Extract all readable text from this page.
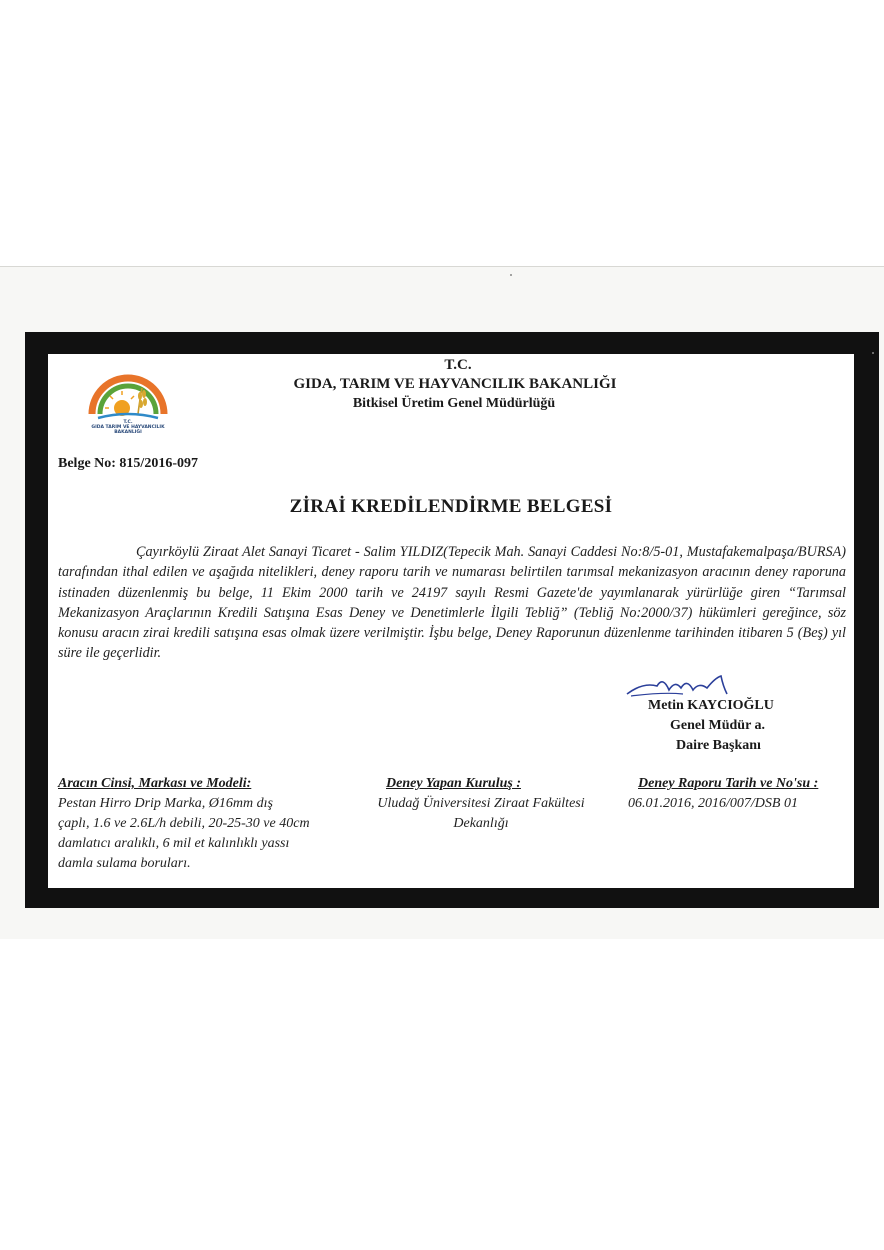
T.C.
GIDA TARIM VE HAYVANCILIK
BAKANLIĞI
T.C.
GIDA, TARIM VE HAYVANCILIK BAKANLIĞI
Bitkisel Üretim Genel Müdürlüğü
Belge No: 815/2016-097
ZİRAİ KREDİLENDİRME BELGESİ
Çayırköylü Ziraat Alet Sanayi Ticaret - Salim YILDIZ(Tepecik Mah. Sanayi Caddesi No:8/5-01, Mustafakemalpaşa/BURSA) tarafından ithal edilen ve aşağıda nitelikleri, deney raporu tarih ve numarası belirtilen tarımsal mekanizasyon aracının deney raporuna istinaden düzenlenmiş bu belge, 11 Ekim 2000 tarih ve 24197 sayılı Resmi Gazete'de yayımlanarak yürürlüğe giren “Tarımsal Mekanizasyon Araçlarının Kredili Satışına Esas Deney ve Denetimlerle İlgili Tebliğ” (Tebliğ No:2000/37) hükümleri gereğince, söz konusu aracın zirai kredili satışına esas olmak üzere verilmiştir. İşbu belge, Deney Raporunun düzenlenme tarihinden itibaren 5 (Beş) yıl süre ile geçerlidir.
Metin KAYCIOĞLU
Genel Müdür a.
Daire Başkanı
Aracın Cinsi, Markası ve Modeli:
Pestan Hirro Drip Marka, Ø16mm dış
çaplı, 1.6 ve 2.6L/h debili, 20-25-30 ve 40cm
damlatıcı aralıklı, 6 mil et kalınlıklı yassı
damla sulama boruları.
Deney Yapan Kuruluş :
Uludağ Üniversitesi Ziraat Fakültesi
Dekanlığı
Deney Raporu Tarih ve No'su :
06.01.2016, 2016/007/DSB 01
